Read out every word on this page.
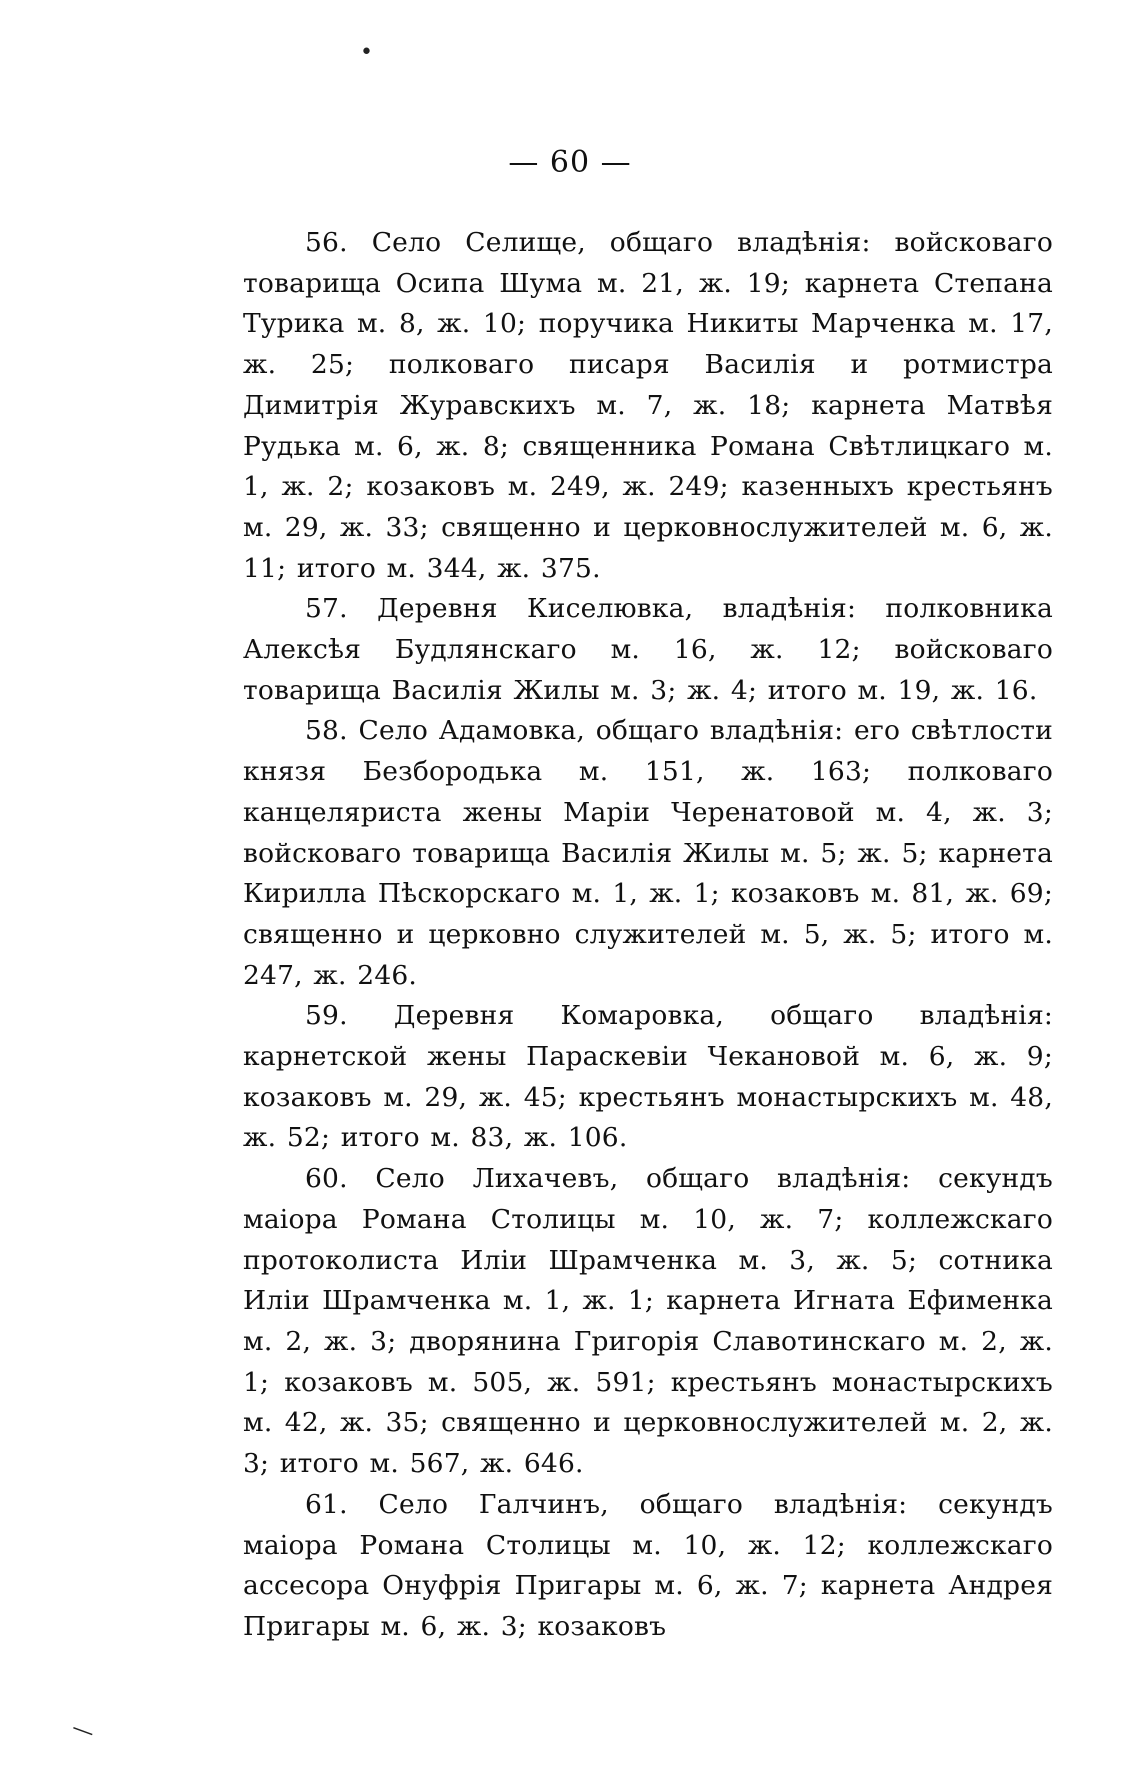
•
— 60 —

56. Село Селище, общаго владѣнія: войсковаго товарища Осипа Шума м. 21, ж. 19; карнета Степана Турика м. 8, ж. 10; поручика Никиты Марченка м. 17, ж. 25; полковаго писаря Василія и ротмистра Димитрія Журавскихъ м. 7, ж. 18; карнета Матвѣя Рудька м. 6, ж. 8; священника Романа Свѣтлицкаго м. 1, ж. 2; козаковъ м. 249, ж. 249; казенныхъ крестьянъ м. 29, ж. 33; священно и церковнослужителей м. 6, ж. 11; итого м. 344, ж. 375.

57. Деревня Киселювка, владѣнія: полковника Алексѣя Будлянскаго м. 16, ж. 12; войсковаго товарища Василія Жилы м. 3; ж. 4; итого м. 19, ж. 16.

58. Село Адамовка, общаго владѣнія: его свѣтлости князя Безбородька м. 151, ж. 163; полковаго канцеляриста жены Маріи Черенатовой м. 4, ж. 3; войсковаго товарища Василія Жилы м. 5; ж. 5; карнета Кирилла Пѣскорскаго м. 1, ж. 1; козаковъ м. 81, ж. 69; священно и церковно служителей м. 5, ж. 5; итого м. 247, ж. 246.

59. Деревня Комаровка, общаго владѣнія: карнетской жены Параскевіи Чекановой м. 6, ж. 9; козаковъ м. 29, ж. 45; крестьянъ монастырскихъ м. 48, ж. 52; итого м. 83, ж. 106.

60. Село Лихачевъ, общаго владѣнія: секундъ маіора Романа Столицы м. 10, ж. 7; коллежскаго протоколиста Иліи Шрамченка м. 3, ж. 5; сотника Иліи Шрамченка м. 1, ж. 1; карнета Игната Ефименка м. 2, ж. 3; дворянина Григорія Славотинскаго м. 2, ж. 1; козаковъ м. 505, ж. 591; крестьянъ монастырскихъ м. 42, ж. 35; священно и церковнослужителей м. 2, ж. 3; итого м. 567, ж. 646.

61. Село Галчинъ, общаго владѣнія: секундъ маіора Романа Столицы м. 10, ж. 12; коллежскаго ассесора Онуфрія Пригары м. 6, ж. 7; карнета Андрея Пригары м. 6, ж. 3; козаковъ

—
